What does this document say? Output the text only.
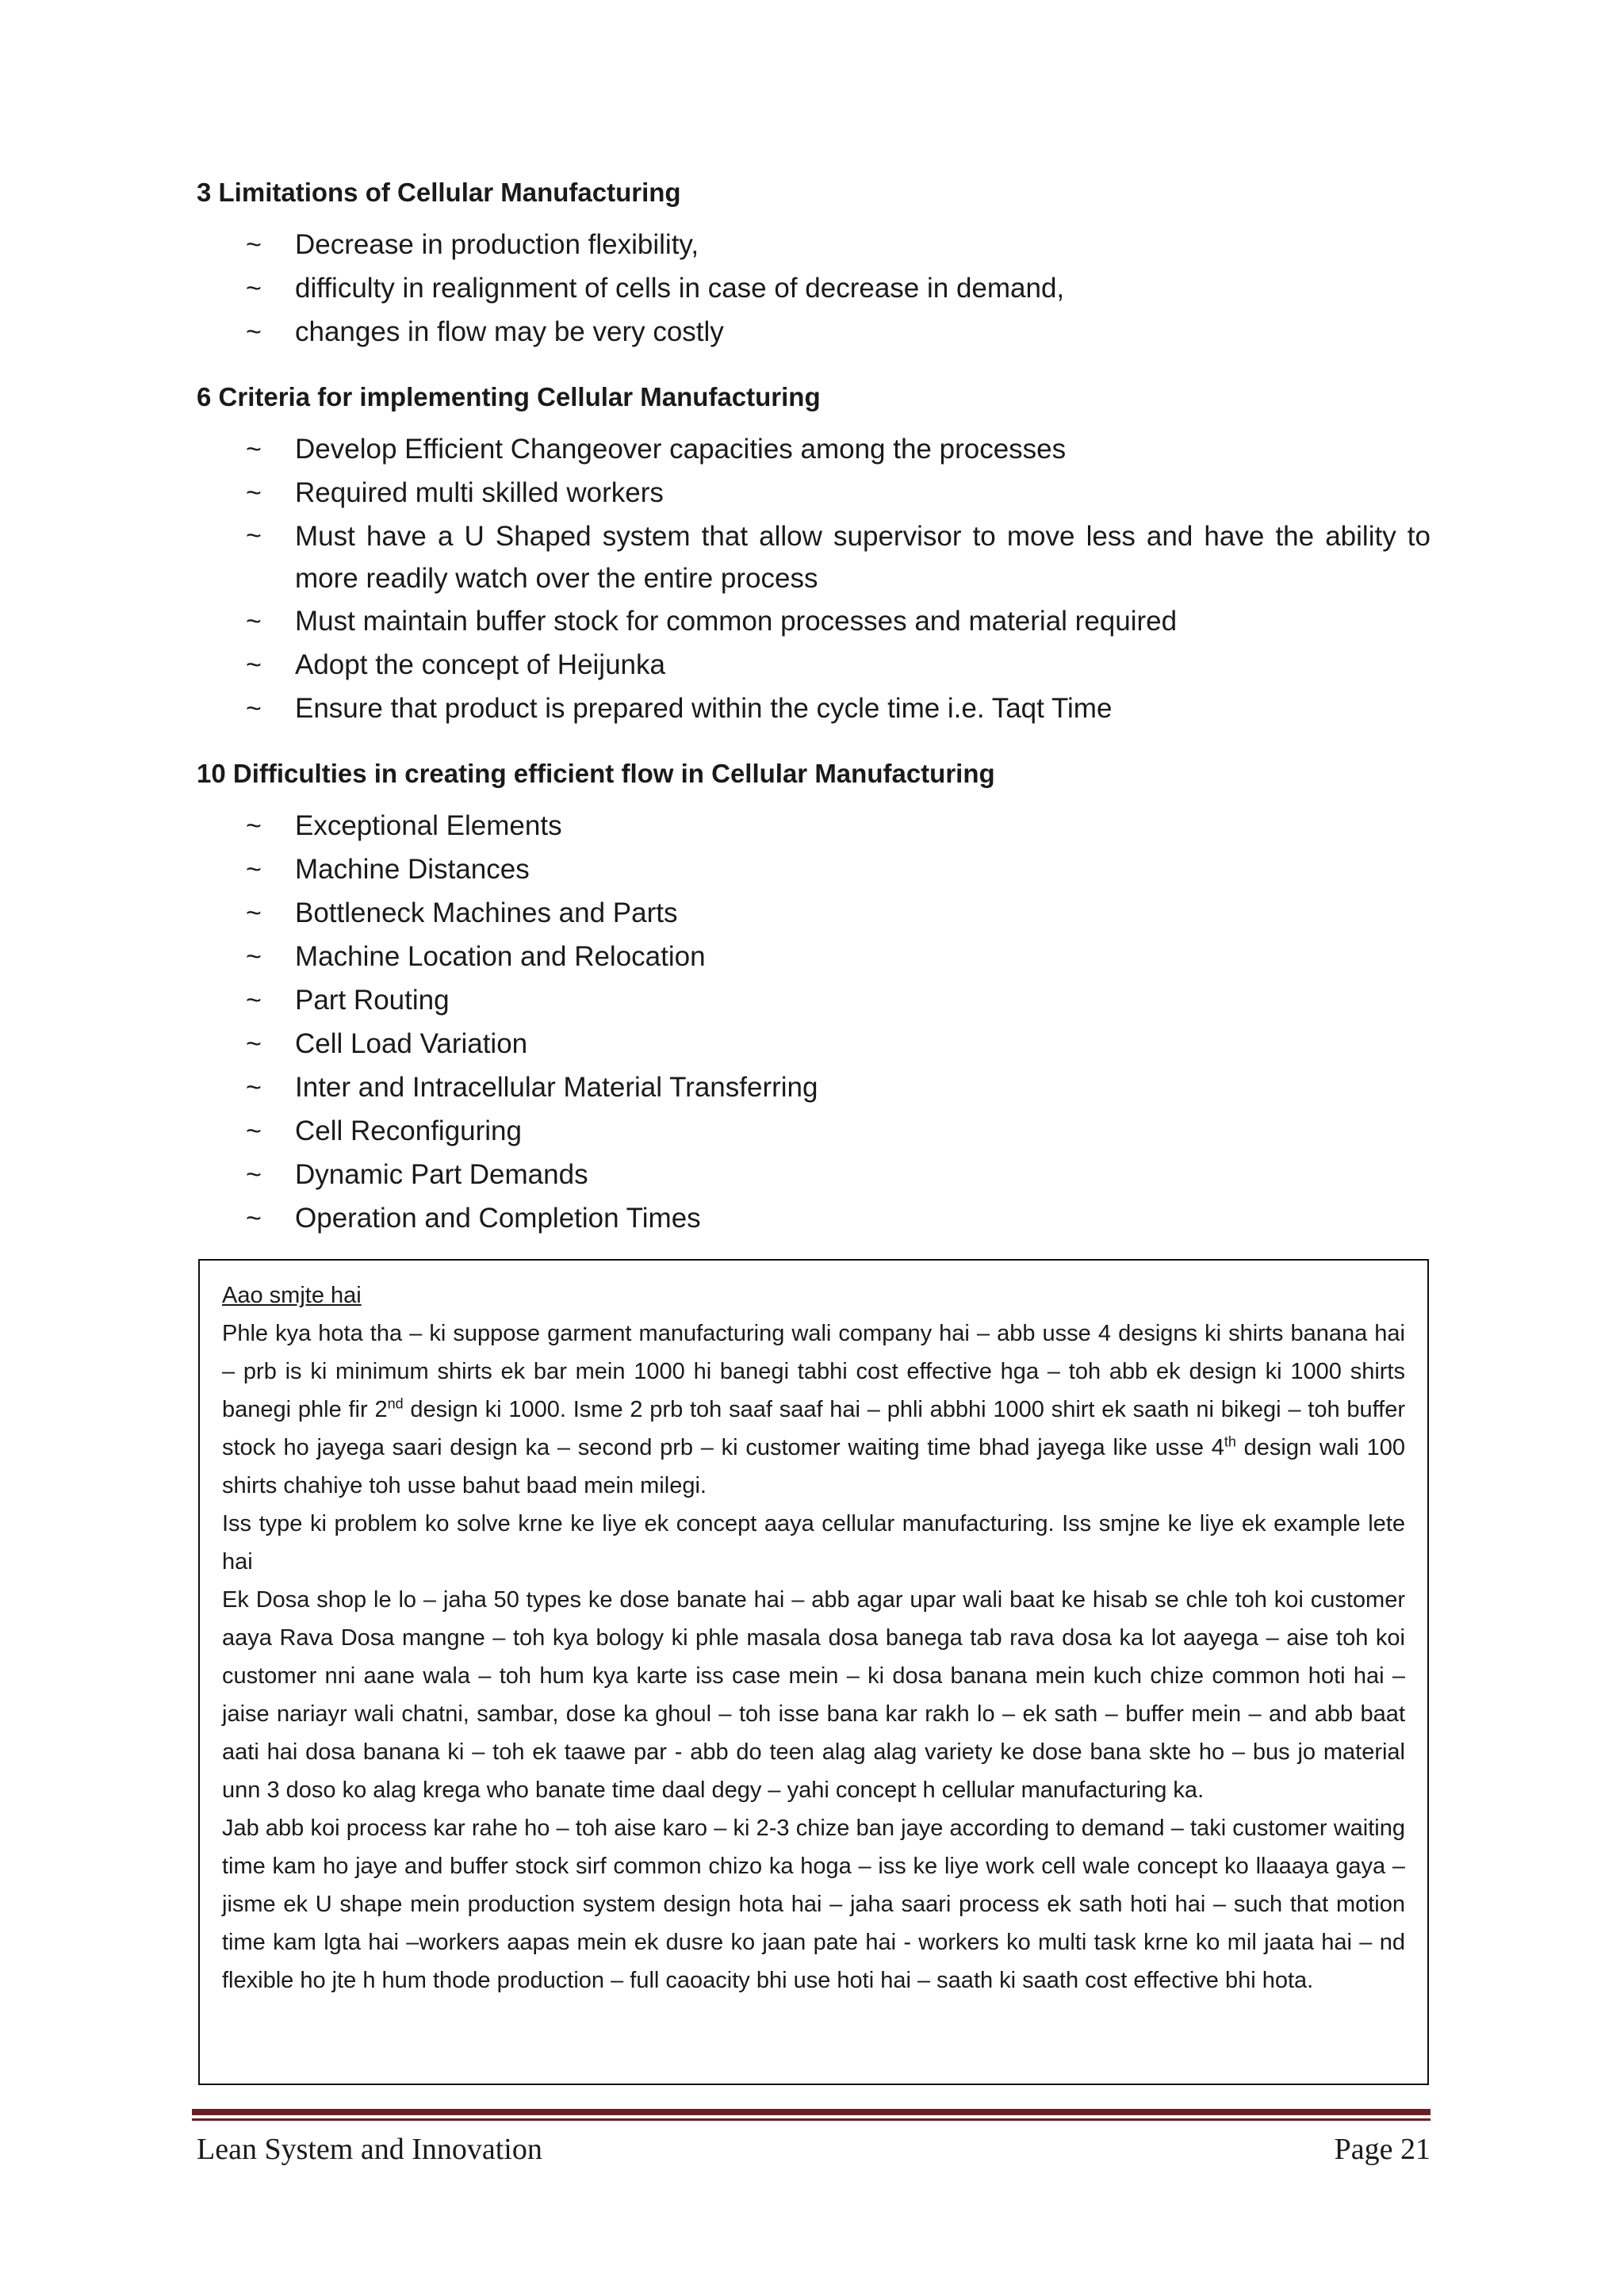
3 Limitations of Cellular Manufacturing
~ Decrease in production flexibility,
~ difficulty in realignment of cells in case of decrease in demand,
~ changes in flow may be very costly
6 Criteria for implementing Cellular Manufacturing
~ Develop Efficient Changeover capacities among the processes
~ Required multi skilled workers
~ Must have a U Shaped system that allow supervisor to move less and have the ability to more readily watch over the entire process
~ Must maintain buffer stock for common processes and material required
~ Adopt the concept of Heijunka
~ Ensure that product is prepared within the cycle time i.e. Taqt Time
10 Difficulties in creating efficient flow in Cellular Manufacturing
~ Exceptional Elements
~ Machine Distances
~ Bottleneck Machines and Parts
~ Machine Location and Relocation
~ Part Routing
~ Cell Load Variation
~ Inter and Intracellular Material Transferring
~ Cell Reconfiguring
~ Dynamic Part Demands
~ Operation and Completion Times

Aao smjte hai

Phle kya hota tha – ki suppose garment manufacturing wali company hai – abb usse 4 designs ki shirts banana hai – prb is ki minimum shirts ek bar mein 1000 hi banegi tabhi cost effective hga – toh abb ek design ki 1000 shirts banegi phle fir 2nd design ki 1000. Isme 2 prb toh saaf saaf hai – phli abbhi 1000 shirt ek saath ni bikegi – toh buffer stock ho jayega saari design ka – second prb – ki customer waiting time bhad jayega like usse 4th design wali 100 shirts chahiye toh usse bahut baad mein milegi.

Iss type ki problem ko solve krne ke liye ek concept aaya cellular manufacturing. Iss smjne ke liye ek example lete hai

Ek Dosa shop le lo – jaha 50 types ke dose banate hai – abb agar upar wali baat ke hisab se chle toh koi customer aaya Rava Dosa mangne – toh kya bology ki phle masala dosa banega tab rava dosa ka lot aayega – aise toh koi customer nni aane wala – toh hum kya karte iss case mein – ki dosa banana mein kuch chize common hoti hai – jaise nariayr wali chatni, sambar, dose ka ghoul – toh isse bana kar rakh lo – ek sath – buffer mein – and abb baat aati hai dosa banana ki – toh ek taawe par - abb do teen alag alag variety ke dose bana skte ho – bus jo material unn 3 doso ko alag krega who banate time daal degy – yahi concept h cellular manufacturing ka.

Jab abb koi process kar rahe ho – toh aise karo – ki 2-3 chize ban jaye according to demand – taki customer waiting time kam ho jaye and buffer stock sirf common chizo ka hoga – iss ke liye work cell wale concept ko llaaaya gaya – jisme ek U shape mein production system design hota hai – jaha saari process ek sath hoti hai – such that motion time kam lgta hai –workers aapas mein ek dusre ko jaan pate hai - workers ko multi task krne ko mil jaata hai – nd flexible ho jte h hum thode production – full caoacity bhi use hoti hai – saath ki saath cost effective bhi hota.

Lean System and Innovation	Page 21
